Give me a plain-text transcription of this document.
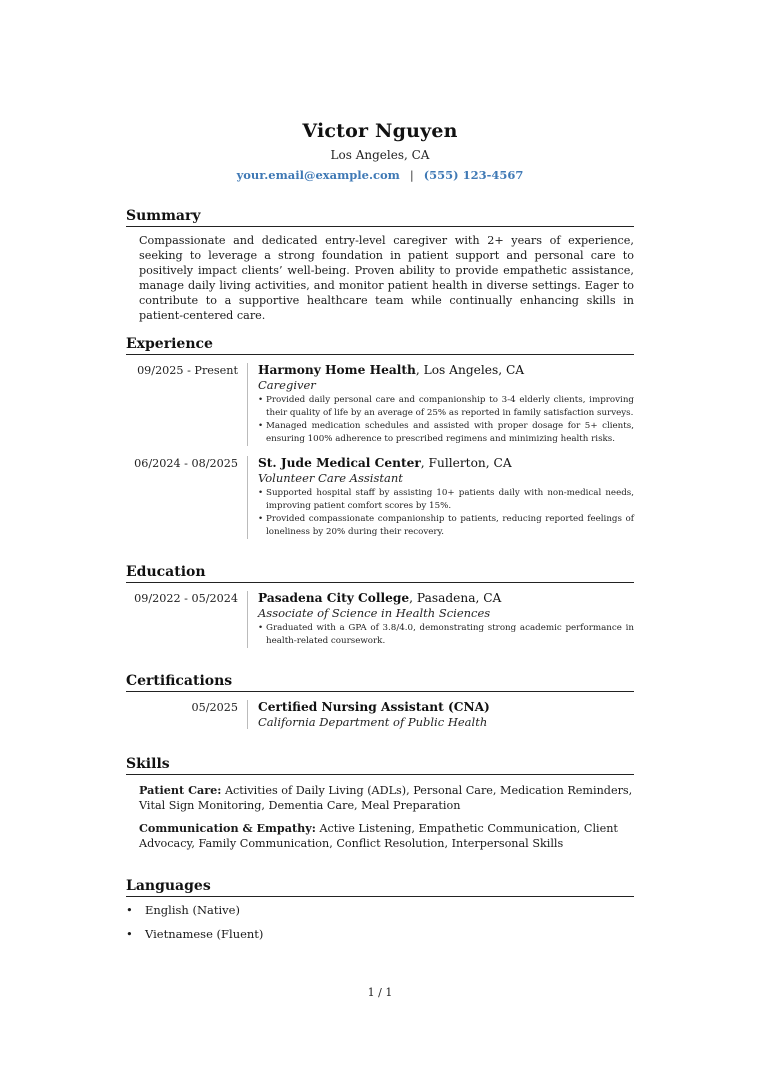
Victor Nguyen
Los Angeles, CA
your.email@example.com | (555) 123-4567
Summary
Compassionate and dedicated entry-level caregiver with 2+ years of experience, seeking to leverage a strong foundation in patient support and personal care to positively impact clients’ well-being. Proven ability to provide empathetic assistance, manage daily living activities, and monitor patient health in diverse settings. Eager to contribute to a supportive healthcare team while continually enhancing skills in patient-centered care.
Experience
09/2025 - Present	Harmony Home Health, Los Angeles, CA
Caregiver
• Provided daily personal care and companionship to 3-4 elderly clients, improving their quality of life by an average of 25% as reported in family satisfaction surveys.
• Managed medication schedules and assisted with proper dosage for 5+ clients, ensuring 100% adherence to prescribed regimens and minimizing health risks.
06/2024 - 08/2025	St. Jude Medical Center, Fullerton, CA
Volunteer Care Assistant
• Supported hospital staff by assisting 10+ patients daily with non-medical needs, improving patient comfort scores by 15%.
• Provided compassionate companionship to patients, reducing reported feelings of loneliness by 20% during their recovery.
Education
09/2022 - 05/2024	Pasadena City College, Pasadena, CA
Associate of Science in Health Sciences
• Graduated with a GPA of 3.8/4.0, demonstrating strong academic performance in health-related coursework.
Certifications
05/2025	Certified Nursing Assistant (CNA)
California Department of Public Health
Skills
Patient Care: Activities of Daily Living (ADLs), Personal Care, Medication Reminders, Vital Sign Monitoring, Dementia Care, Meal Preparation
Communication & Empathy: Active Listening, Empathetic Communication, Client Advocacy, Family Communication, Conflict Resolution, Interpersonal Skills
Languages
• English (Native)
• Vietnamese (Fluent)
1 / 1
